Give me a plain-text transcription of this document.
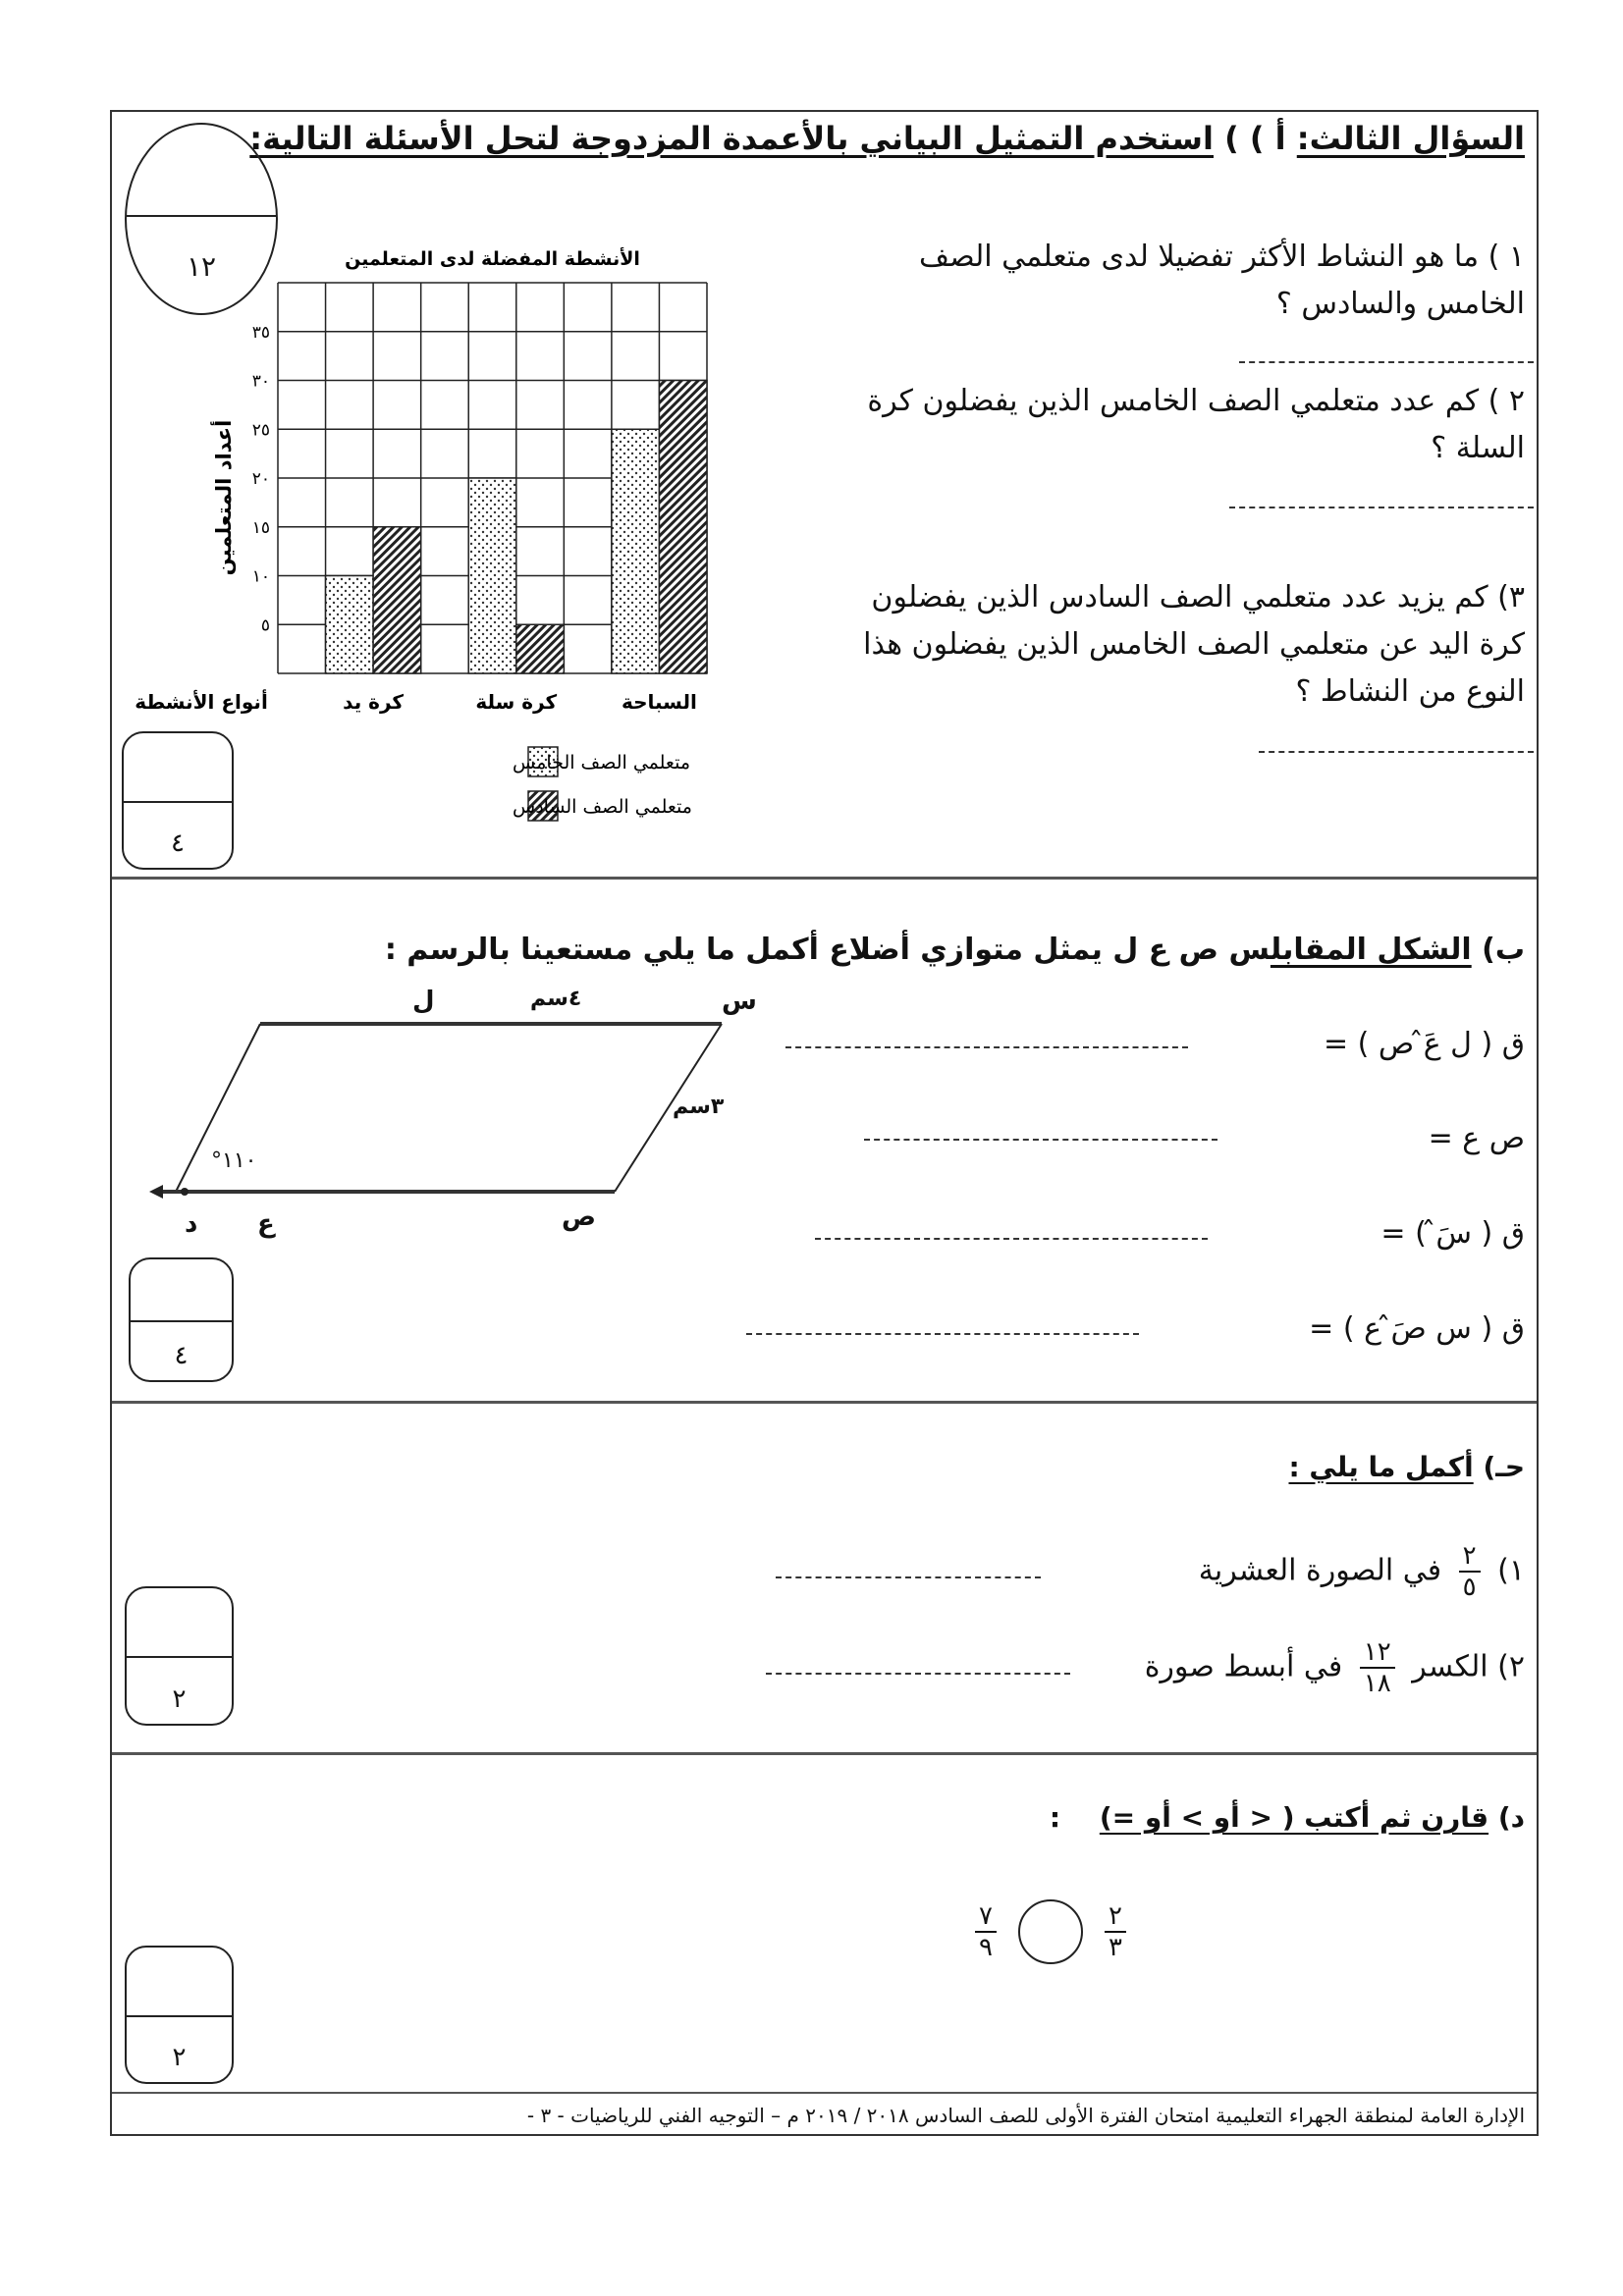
السؤال الثالث: أ ) ) استخدم التمثيل البياني بالأعمدة المزدوجة لتحل الأسئلة التالية:
١٢	١ ) ما هو النشاط الأكثر تفضيلا لدى متعلمي الصف
الخامس والسادس ؟
٢ ) كم عدد متعلمي الصف الخامس الذين يفضلون كرة
السلة ؟
٣) كم يزيد عدد متعلمي الصف السادس الذين يفضلون
كرة اليد عن متعلمي الصف الخامس الذين يفضلون هذا
النوع من النشاط ؟
الأنشطة المفضلة لدى المتعلمين
٥
١٠
١٥
٢٠
٢٥
٣٠
٣٥
أعداد المتعلمين
كرة يد	كرة سلة	السباحة
أنواع الأنشطة
متعلمي الصف الخامس
متعلمي الصف السادس
٤
ب) الشكل المقابلس ص ع ل يمثل متوازي أضلاع أكمل ما يلي مستعينا بالرسم :
ل	٤سم	س
٣سم
١١٠°
ص
ع
د
ق ( ل عَ̂ ص ) =
ص ع =
ق ( سَ̂ ) =
ق ( س صَ̂ ع ) =
٤
حـ) أكمل ما يلي :
١)
$\frac{٢}{٥}$
في الصورة العشرية
٢) الكسر
$\frac{١٢}{١٨}$
في أبسط صورة
٢
د) قارن ثم أكتب ( < أو > أو =) :
$\frac{٧}{٩}$	$\frac{٢}{٣}$
٢
الإدارة العامة لمنطقة الجهراء التعليمية امتحان الفترة الأولى للصف السادس ٢٠١٨ / ٢٠١٩ م – التوجيه الفني للرياضيات - ٣ -
